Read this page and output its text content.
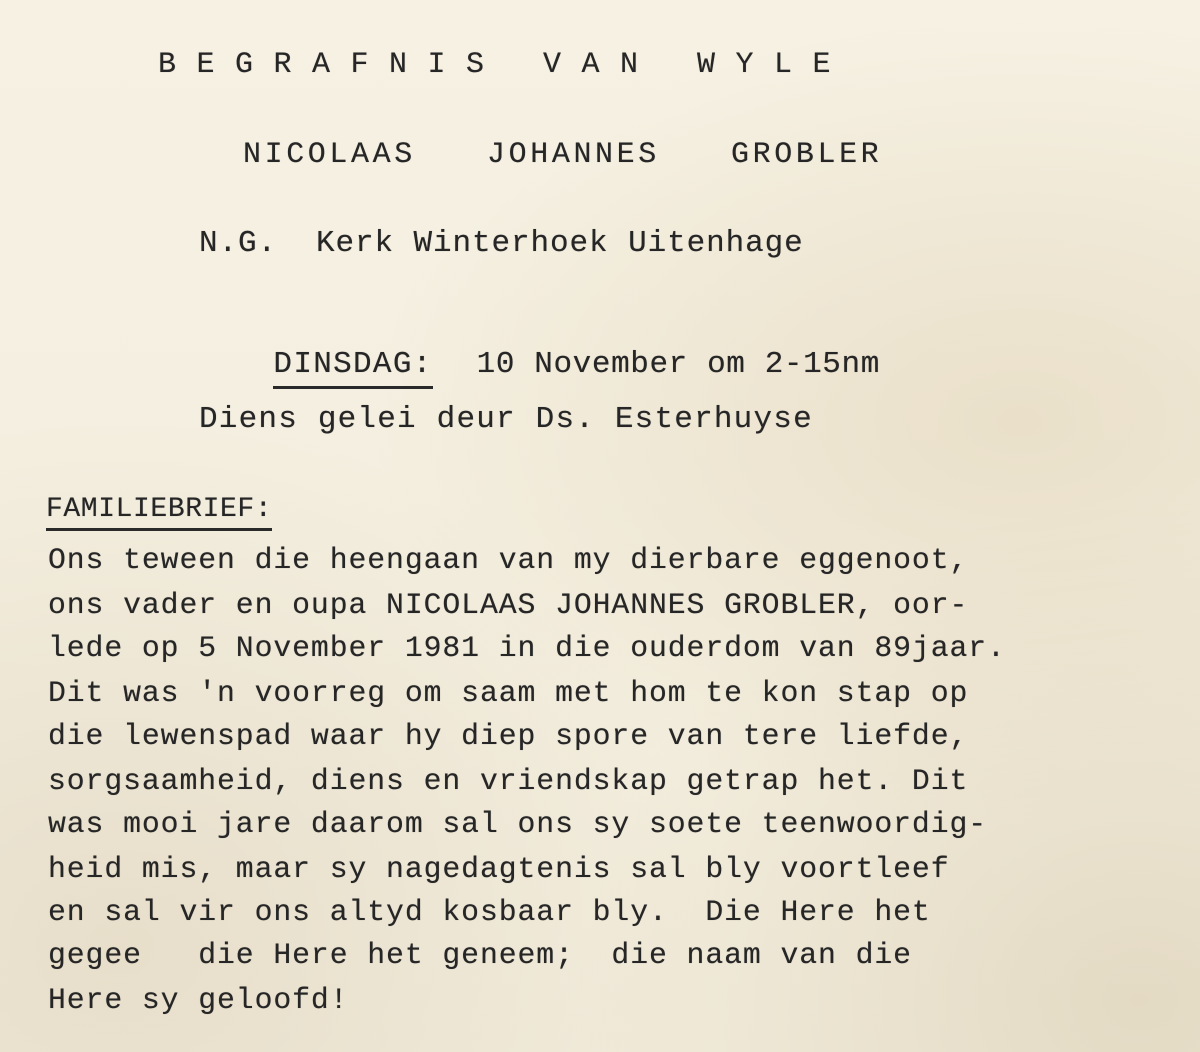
BEGRAFNIS VAN WYLE
NICOLAAS  JOHANNES  GROBLER
N.G.  Kerk Winterhoek Uitenhage

DINSDAG: 10 November om 2-15nm

Diens gelei deur Ds. Esterhuyse
FAMILIEBRIEF:
Ons teween die heengaan van my dierbare eggenoot,
ons vader en oupa NICOLAAS JOHANNES GROBLER, oor-
lede op 5 November 1981 in die ouderdom van 89jaar.
Dit was 'n voorreg om saam met hom te kon stap op
die lewenspad waar hy diep spore van tere liefde,
sorgsaamheid, diens en vriendskap getrap het. Dit
was mooi jare daarom sal ons sy soete teenwoordig-
heid mis, maar sy nagedagtenis sal bly voortleef
en sal vir ons altyd kosbaar bly.  Die Here het
gegee   die Here het geneem;  die naam van die
Here sy geloofd!
